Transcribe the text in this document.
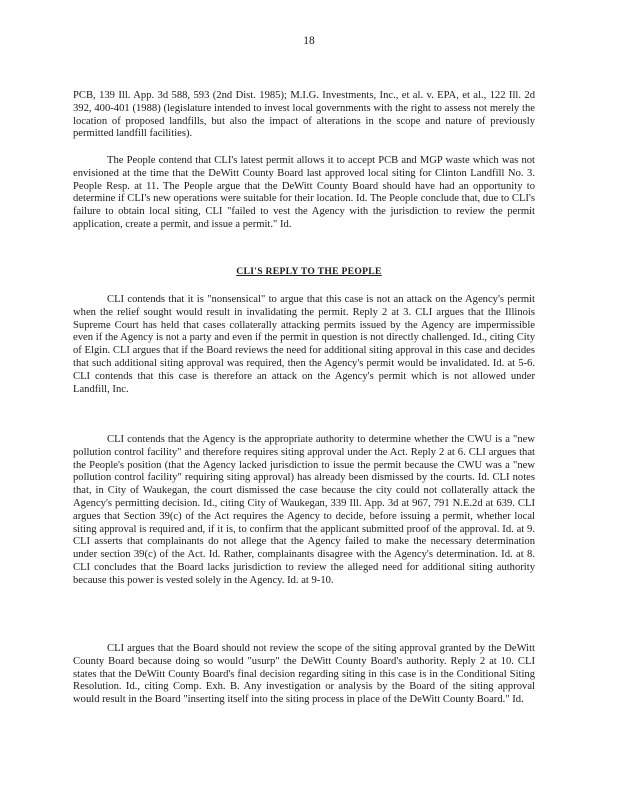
18

PCB, 139 Ill. App. 3d 588, 593 (2nd Dist. 1985); M.I.G. Investments, Inc., et al. v. EPA, et al., 122 Ill. 2d 392, 400-401 (1988) (legislature intended to invest local governments with the right to assess not merely the location of proposed landfills, but also the impact of alterations in the scope and nature of previously permitted landfill facilities).

The People contend that CLI's latest permit allows it to accept PCB and MGP waste which was not envisioned at the time that the DeWitt County Board last approved local siting for Clinton Landfill No. 3. People Resp. at 11. The People argue that the DeWitt County Board should have had an opportunity to determine if CLI's new operations were suitable for their location. Id. The People conclude that, due to CLI's failure to obtain local siting, CLI "failed to vest the Agency with the jurisdiction to review the permit application, create a permit, and issue a permit." Id.

CLI'S REPLY TO THE PEOPLE

CLI contends that it is "nonsensical" to argue that this case is not an attack on the Agency's permit when the relief sought would result in invalidating the permit. Reply 2 at 3. CLI argues that the Illinois Supreme Court has held that cases collaterally attacking permits issued by the Agency are impermissible even if the Agency is not a party and even if the permit in question is not directly challenged. Id., citing City of Elgin. CLI argues that if the Board reviews the need for additional siting approval in this case and decides that such additional siting approval was required, then the Agency's permit would be invalidated. Id. at 5-6. CLI contends that this case is therefore an attack on the Agency's permit which is not allowed under Landfill, Inc.

CLI contends that the Agency is the appropriate authority to determine whether the CWU is a "new pollution control facility" and therefore requires siting approval under the Act. Reply 2 at 6. CLI argues that the People's position (that the Agency lacked jurisdiction to issue the permit because the CWU was a "new pollution control facility" requiring siting approval) has already been dismissed by the courts. Id. CLI notes that, in City of Waukegan, the court dismissed the case because the city could not collaterally attack the Agency's permitting decision. Id., citing City of Waukegan, 339 Ill. App. 3d at 967, 791 N.E.2d at 639. CLI argues that Section 39(c) of the Act requires the Agency to decide, before issuing a permit, whether local siting approval is required and, if it is, to confirm that the applicant submitted proof of the approval. Id. at 9. CLI asserts that complainants do not allege that the Agency failed to make the necessary determination under section 39(c) of the Act. Id. Rather, complainants disagree with the Agency's determination. Id. at 8. CLI concludes that the Board lacks jurisdiction to review the alleged need for additional siting authority because this power is vested solely in the Agency. Id. at 9-10.

CLI argues that the Board should not review the scope of the siting approval granted by the DeWitt County Board because doing so would "usurp" the DeWitt County Board's authority. Reply 2 at 10. CLI states that the DeWitt County Board's final decision regarding siting in this case is in the Conditional Siting Resolution. Id., citing Comp. Exh. B. Any investigation or analysis by the Board of the siting approval would result in the Board "inserting itself into the siting process in place of the DeWitt County Board." Id.
